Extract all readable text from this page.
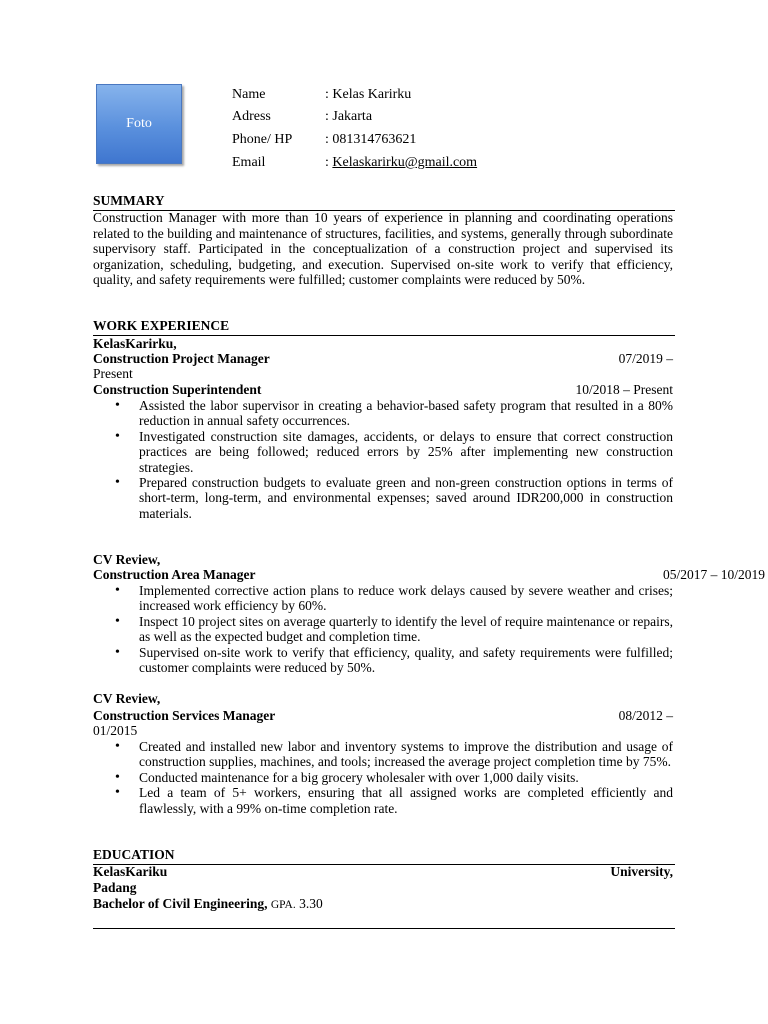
Foto
Name	: Kelas Karirku
Adress	: Jakarta
Phone/ HP : 081314763621
Email	: Kelaskarirku@gmail.com
SUMMARY
Construction Manager with more than 10 years of experience in planning and coordinating operations related to the building and maintenance of structures, facilities, and systems, generally through subordinate supervisory staff. Participated in the conceptualization of a construction project and supervised its organization, scheduling, budgeting, and execution. Supervised on-site work to verify that efficiency, quality, and safety requirements were fulfilled; customer complaints were reduced by 50%.
WORK EXPERIENCE
KelasKarirku,
Construction Project Manager	07/2019 –
Present
Construction Superintendent	10/2018 – Present
• Assisted the labor supervisor in creating a behavior-based safety program that resulted in a 80% reduction in annual safety occurrences.
• Investigated construction site damages, accidents, or delays to ensure that correct construction practices are being followed; reduced errors by 25% after implementing new construction strategies.
• Prepared construction budgets to evaluate green and non-green construction options in terms of short-term, long-term, and environmental expenses; saved around IDR200,000 in construction materials.
CV Review,
Construction Area Manager	05/2017 – 10/2019
• Implemented corrective action plans to reduce work delays caused by severe weather and crises; increased work efficiency by 60%.
• Inspect 10 project sites on average quarterly to identify the level of require maintenance or repairs, as well as the expected budget and completion time.
• Supervised on-site work to verify that efficiency, quality, and safety requirements were fulfilled; customer complaints were reduced by 50%.
CV Review,
Construction Services Manager	08/2012 –
01/2015
• Created and installed new labor and inventory systems to improve the distribution and usage of construction supplies, machines, and tools; increased the average project completion time by 75%.
• Conducted maintenance for a big grocery wholesaler with over 1,000 daily visits.
• Led a team of 5+ workers, ensuring that all assigned works are completed efficiently and flawlessly, with a 99% on-time completion rate.
EDUCATION
KelasKariku	University,
Padang
Bachelor of Civil Engineering, GPA. 3.30
